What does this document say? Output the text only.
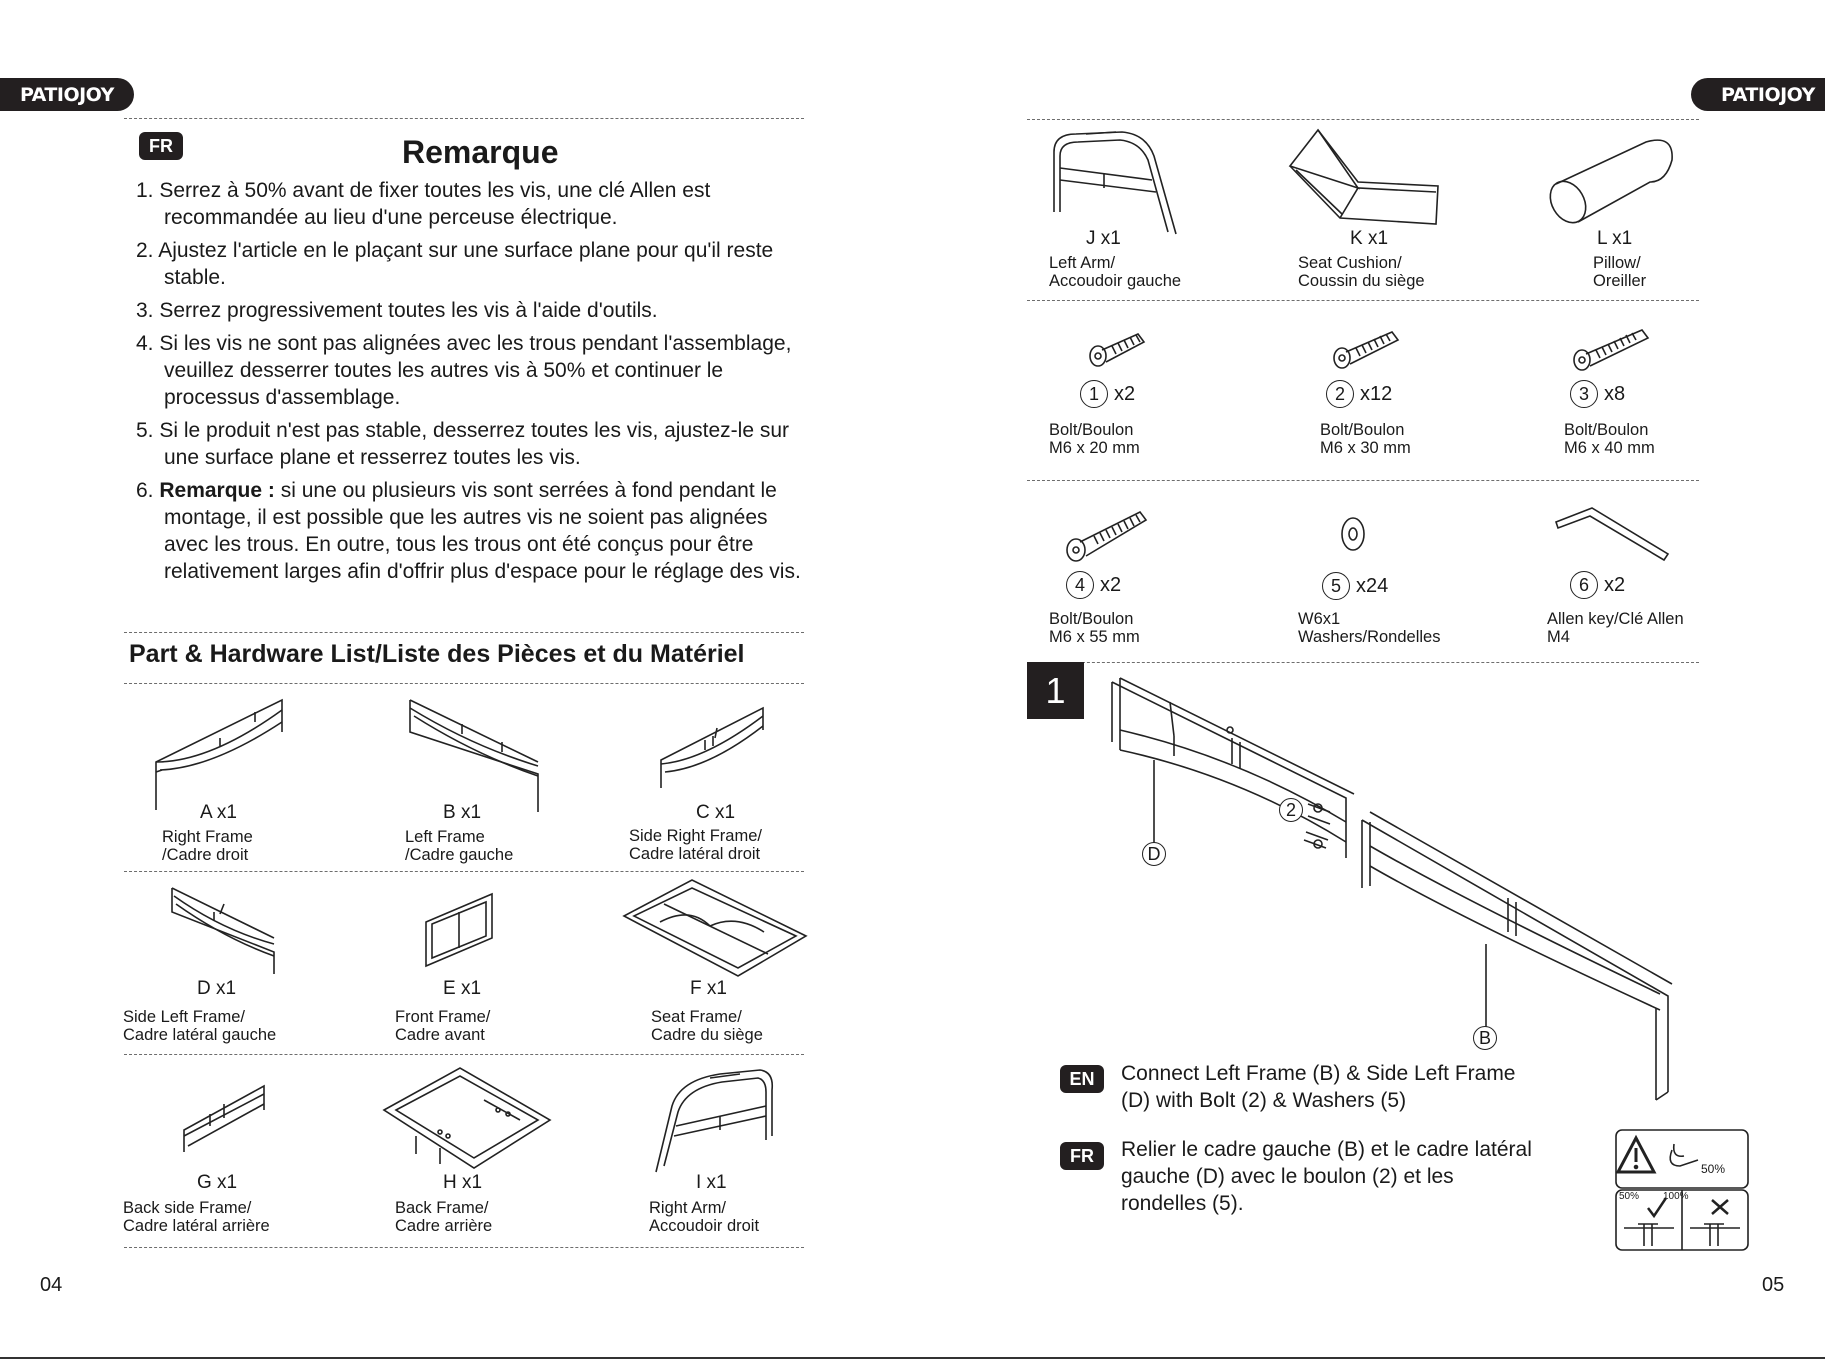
PATIOJOY	PATIOJOY
FR	Remarque
1. Serrez à 50% avant de fixer toutes les vis, une clé Allen est recommandée au lieu d'une perceuse électrique.
2. Ajustez l'article en le plaçant sur une surface plane pour qu'il reste stable.
3. Serrez progressivement toutes les vis à l'aide d'outils.
4. Si les vis ne sont pas alignées avec les trous pendant l'assemblage, veuillez desserrer toutes les autres vis à 50% et continuer le processus d'assemblage.
5. Si le produit n'est pas stable, desserrez toutes les vis, ajustez-le sur une surface plane et resserrez toutes les vis.
6. Remarque : si une ou plusieurs vis sont serrées à fond pendant le montage, il est possible que les autres vis ne soient pas alignées avec les trous. En outre, tous les trous ont été conçus pour être relativement larges afin d'offrir plus d'espace pour le réglage des vis.
Part & Hardware List/Liste des Pièces et du Matériel
A x1
Right Frame
/Cadre droit
B x1
Left Frame
/Cadre gauche
C x1
Side Right Frame/
Cadre latéral droit
D x1
Side Left Frame/
Cadre latéral gauche
E x1
Front Frame/
Cadre avant
F x1
Seat Frame/
Cadre du siège
G x1
Back side Frame/
Cadre latéral arrière
H x1
Back Frame/
Cadre arrière
I x1
Right Arm/
Accoudoir droit
04
J x1
Left Arm/
Accoudoir gauche
K x1
Seat Cushion/
Coussin du siège
L x1
Pillow/
Oreiller
1 x2
Bolt/Boulon
M6 x 20 mm
2 x12
Bolt/Boulon
M6 x 30 mm
3 x8
Bolt/Boulon
M6 x 40 mm
4 x2
Bolt/Boulon
M6 x 55 mm
5 x24
W6x1
Washers/Rondelles
6 x2
Allen key/Clé Allen
M4
1
D
2
B
EN	Connect Left Frame (B) & Side Left Frame (D) with Bolt (2) & Washers (5)
FR	Relier le cadre gauche (B) et le cadre latéral gauche (D) avec le boulon (2) et les rondelles (5).
50%
50% 100%
05
